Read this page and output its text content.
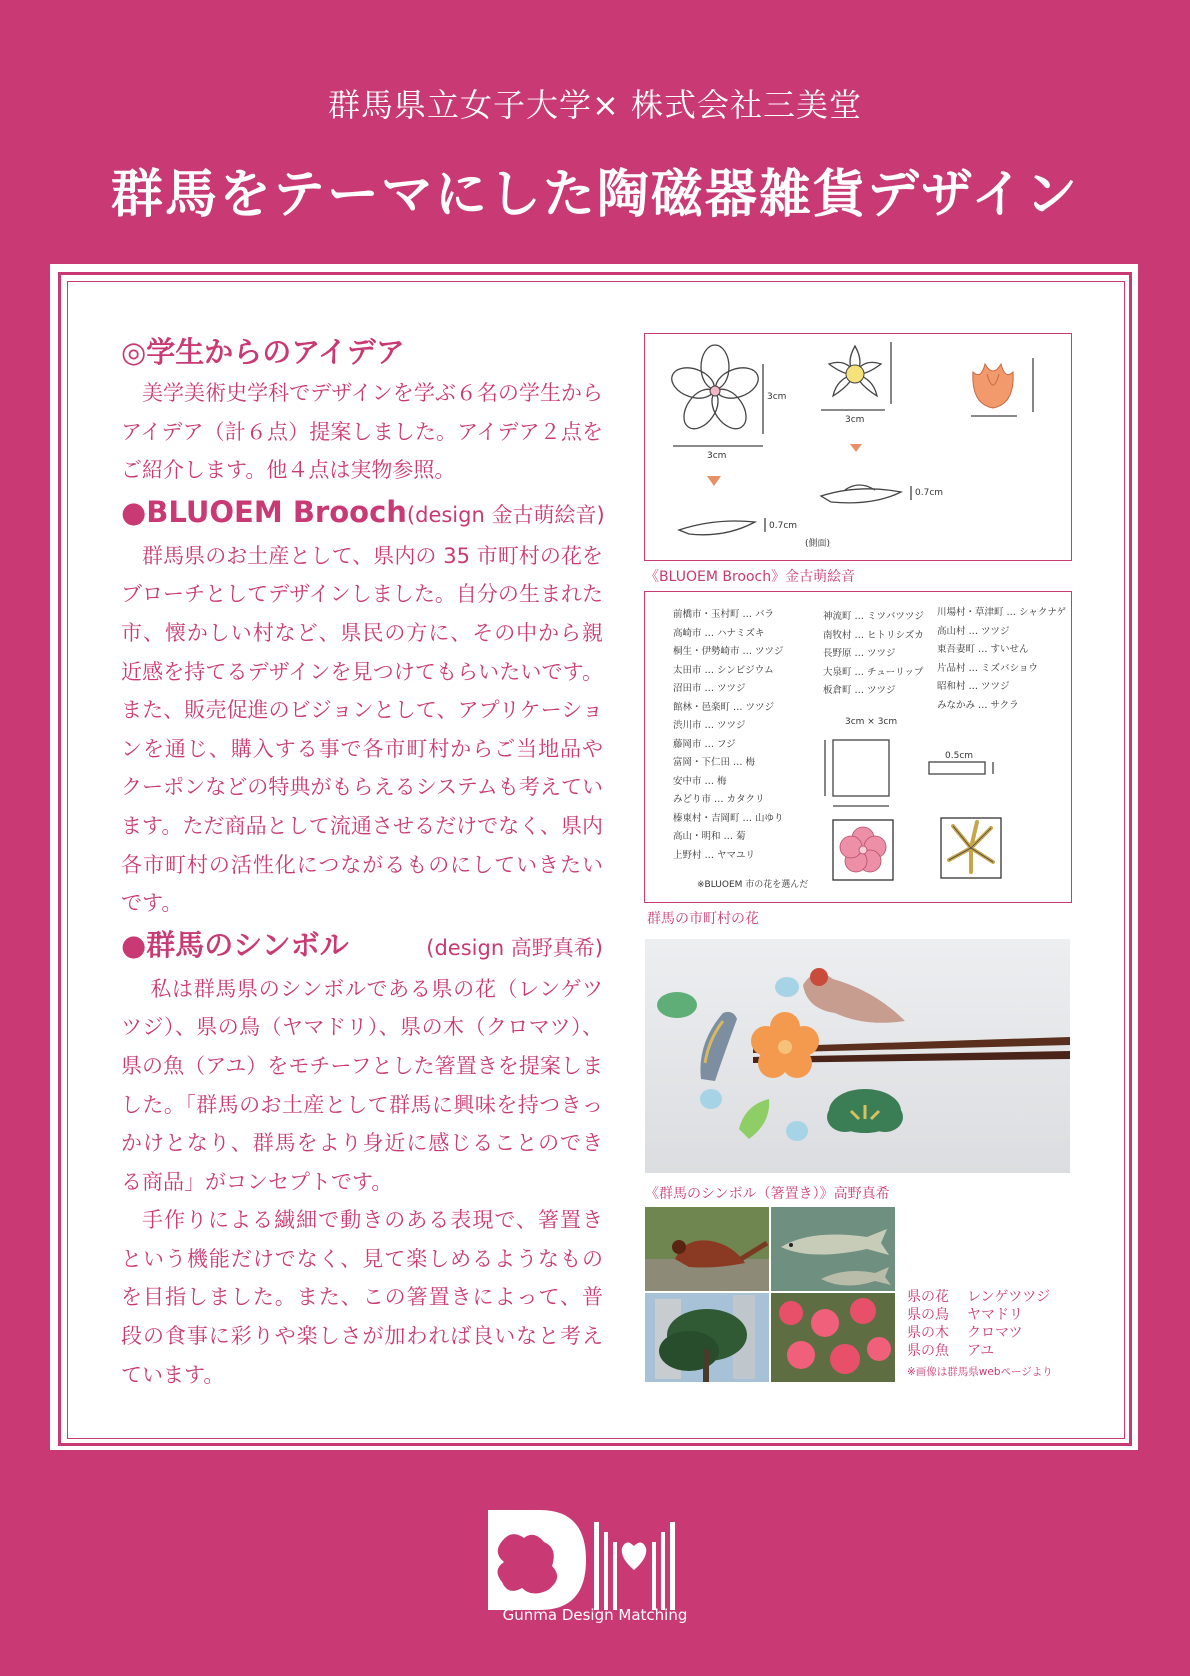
群馬県立女子大学× 株式会社三美堂
群馬をテーマにした陶磁器雑貨デザイン
◎学生からのアイデア

美学美術史学科でデザインを学ぶ６名の学生からアイデア（計６点）提案しました。アイデア２点をご紹介します。他４点は実物参照。

●BLUOEM Brooch (design 金古萌絵音)

群馬県のお土産として、県内の 35 市町村の花をブローチとしてデザインしました。自分の生まれた市、懐かしい村など、県民の方に、その中から親近感を持てるデザインを見つけてもらいたいです。また、販売促進のビジョンとして、アプリケーションを通じ、購入する事で各市町村からご当地品やクーポンなどの特典がもらえるシステムも考えています。ただ商品として流通させるだけでなく、県内各市町村の活性化につながるものにしていきたいです。

●群馬のシンボル	(design 高野真希)

私は群馬県のシンボルである県の花（レンゲツツジ）、県の鳥（ヤマドリ）、県の木（クロマツ）、県の魚（アユ）をモチーフとした箸置きを提案しました。「群馬のお土産として群馬に興味を持つきっかけとなり、群馬をより身近に感じることのできる商品」がコンセプトです。

手作りによる繊細で動きのある表現で、箸置きという機能だけでなく、見て楽しめるようなものを目指しました。また、この箸置きによって、普段の食事に彩りや楽しさが加われば良いなと考えています。

3cm
3cm
3cm
0.7cm
(側面)
0.7cm
《BLUOEM Brooch》金古萌絵音
前橋市・玉村町 … バラ
高崎市 … ハナミズキ
桐生・伊勢崎市 … ツツジ
太田市 … シンビジウム
沼田市 … ツツジ
館林・邑楽町 … ツツジ
渋川市 … ツツジ
藤岡市 … フジ
富岡・下仁田 … 梅
安中市 … 梅
みどり市 … カタクリ
榛東村・吉岡町 … 山ゆり
高山・明和 … 菊
上野村 … ヤマユリ
神流町 … ミツバツツジ
南牧村 … ヒトリシズカ
長野原 … ツツジ
大泉町 … チューリップ
板倉町 … ツツジ
川場村・草津町 … シャクナゲ
高山村 … ツツジ
東吾妻町 … すいせん
片品村 … ミズバショウ
昭和村 … ツツジ
みなかみ … サクラ
3cm × 3cm
0.5cm
※BLUOEM 市の花を選んだ
群馬の市町村の花
《群馬のシンボル（箸置き）》高野真希
県の花	レンゲツツジ
県の鳥	ヤマドリ
県の木	クロマツ
県の魚	アユ
※画像は群馬県webページより
Gunma Design Matching
